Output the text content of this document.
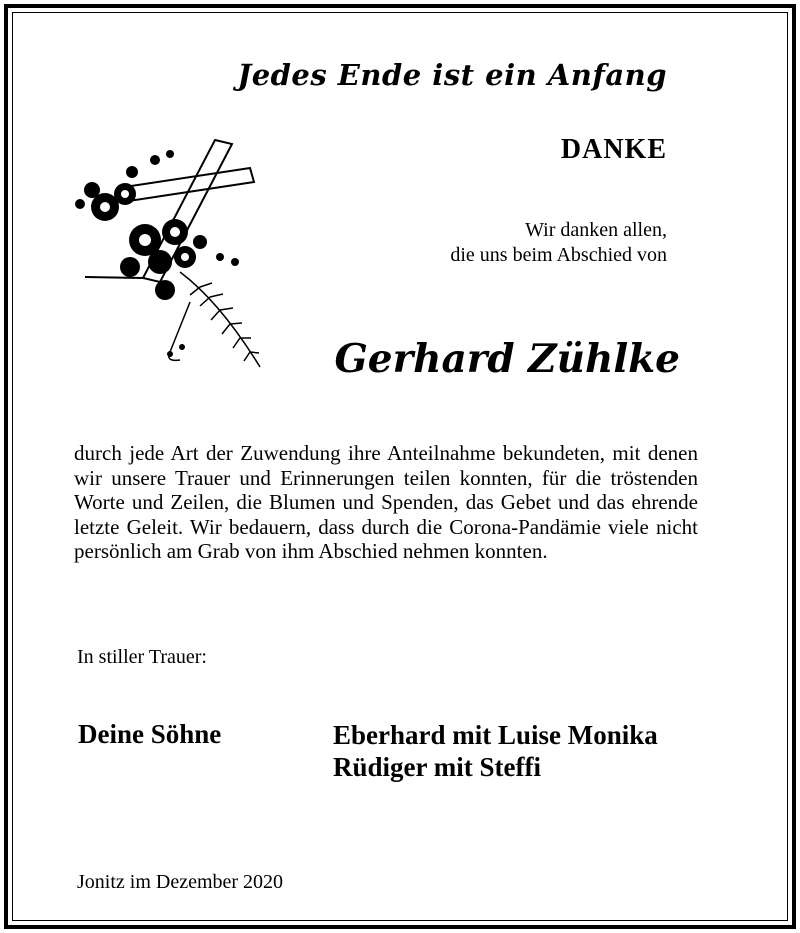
Jedes Ende ist ein Anfang
DANKE
Wir danken allen,
die uns beim Abschied von
Gerhard Zühlke

durch jede Art der Zuwendung ihre Anteilnahme bekundeten, mit denen wir unsere Trauer und Erinnerungen teilen konnten, für die tröstenden Worte und Zeilen, die Blumen und Spenden, das Gebet und das ehrende letzte Geleit. Wir bedauern, dass durch die Corona-Pandämie viele nicht persönlich am Grab von ihm Abschied nehmen konnten.

In stiller Trauer:
Deine Söhne	Eberhard mit Luise Monika
Rüdiger mit Steffi
Jonitz im Dezember 2020
